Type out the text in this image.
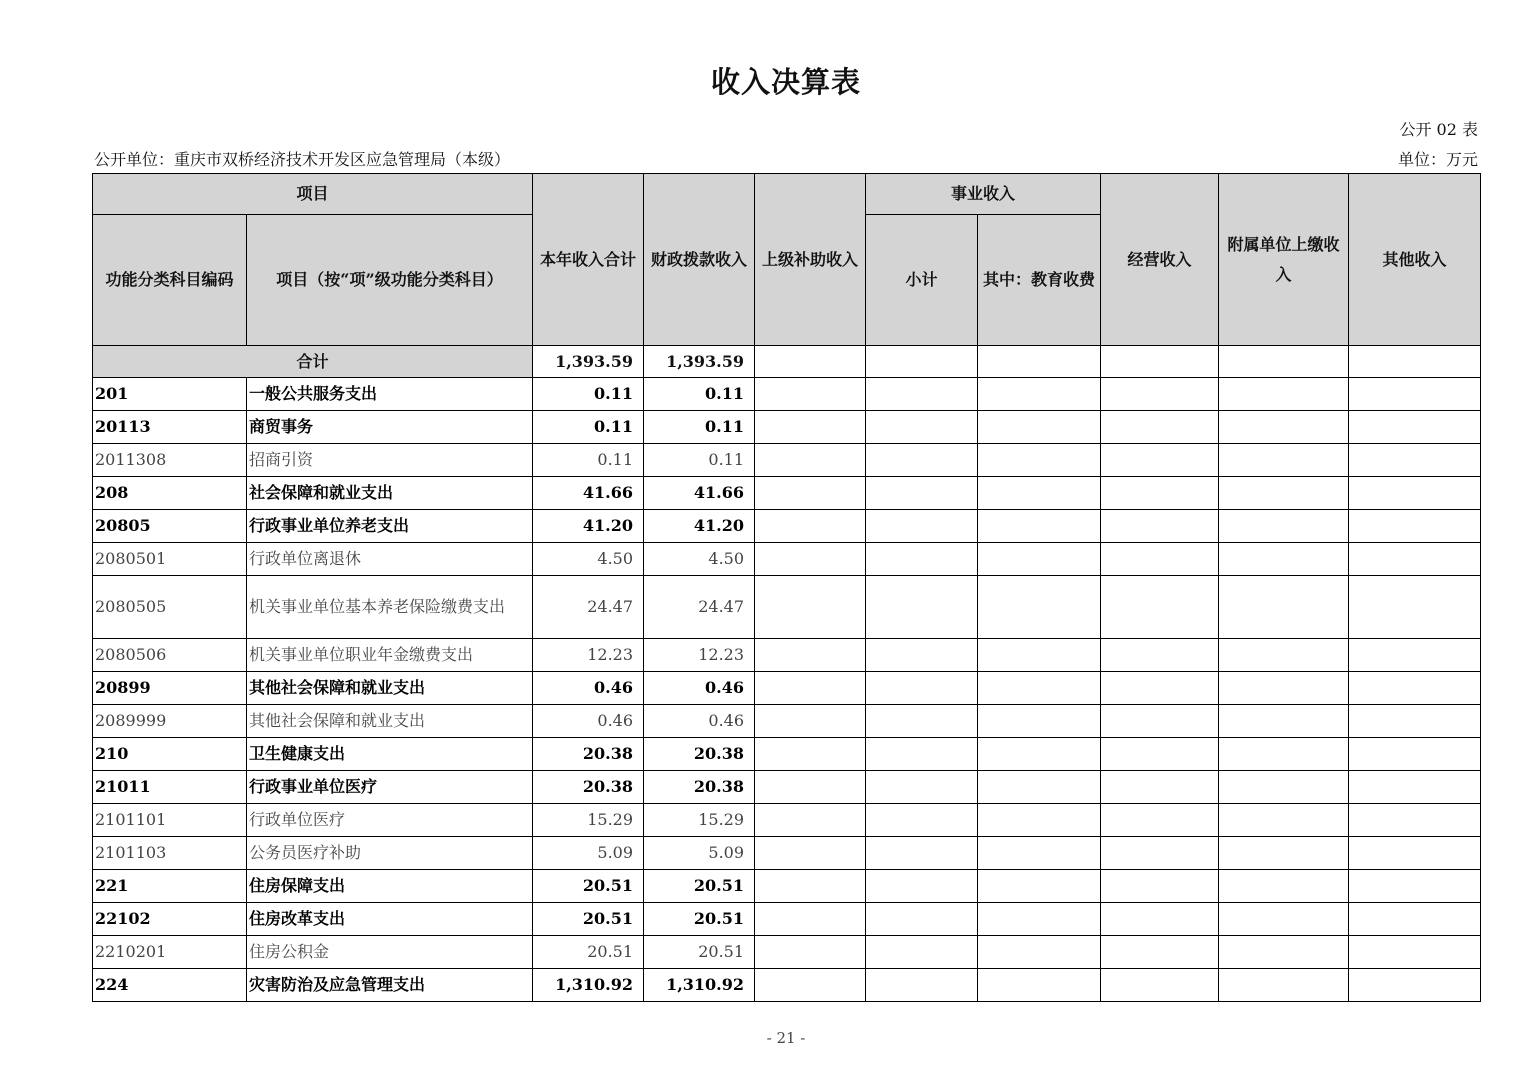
收入决算表
公开 02 表
公开单位：重庆市双桥经济技术开发区应急管理局（本级）	单位：万元
项目		本年收入合计	财政拨款收入	上级补助收入	事业收入		经营收入	附属单位上缴收入	其他收入
功能分类科目编码	项目（按“项”级功能分类科目）				小计	其中：教育收费			
合计		1,393.59	1,393.59						
201	一般公共服务支出	0.11	0.11						
20113	商贸事务	0.11	0.11						
2011308	招商引资	0.11	0.11						
208	社会保障和就业支出	41.66	41.66						
20805	行政事业单位养老支出	41.20	41.20						
2080501	行政单位离退休	4.50	4.50						
2080505	机关事业单位基本养老保险缴费支出	24.47	24.47						
2080506	机关事业单位职业年金缴费支出	12.23	12.23						
20899	其他社会保障和就业支出	0.46	0.46						
2089999	其他社会保障和就业支出	0.46	0.46						
210	卫生健康支出	20.38	20.38						
21011	行政事业单位医疗	20.38	20.38						
2101101	行政单位医疗	15.29	15.29						
2101103	公务员医疗补助	5.09	5.09						
221	住房保障支出	20.51	20.51						
22102	住房改革支出	20.51	20.51						
2210201	住房公积金	20.51	20.51						
224	灾害防治及应急管理支出	1,310.92	1,310.92						
- 21 -
